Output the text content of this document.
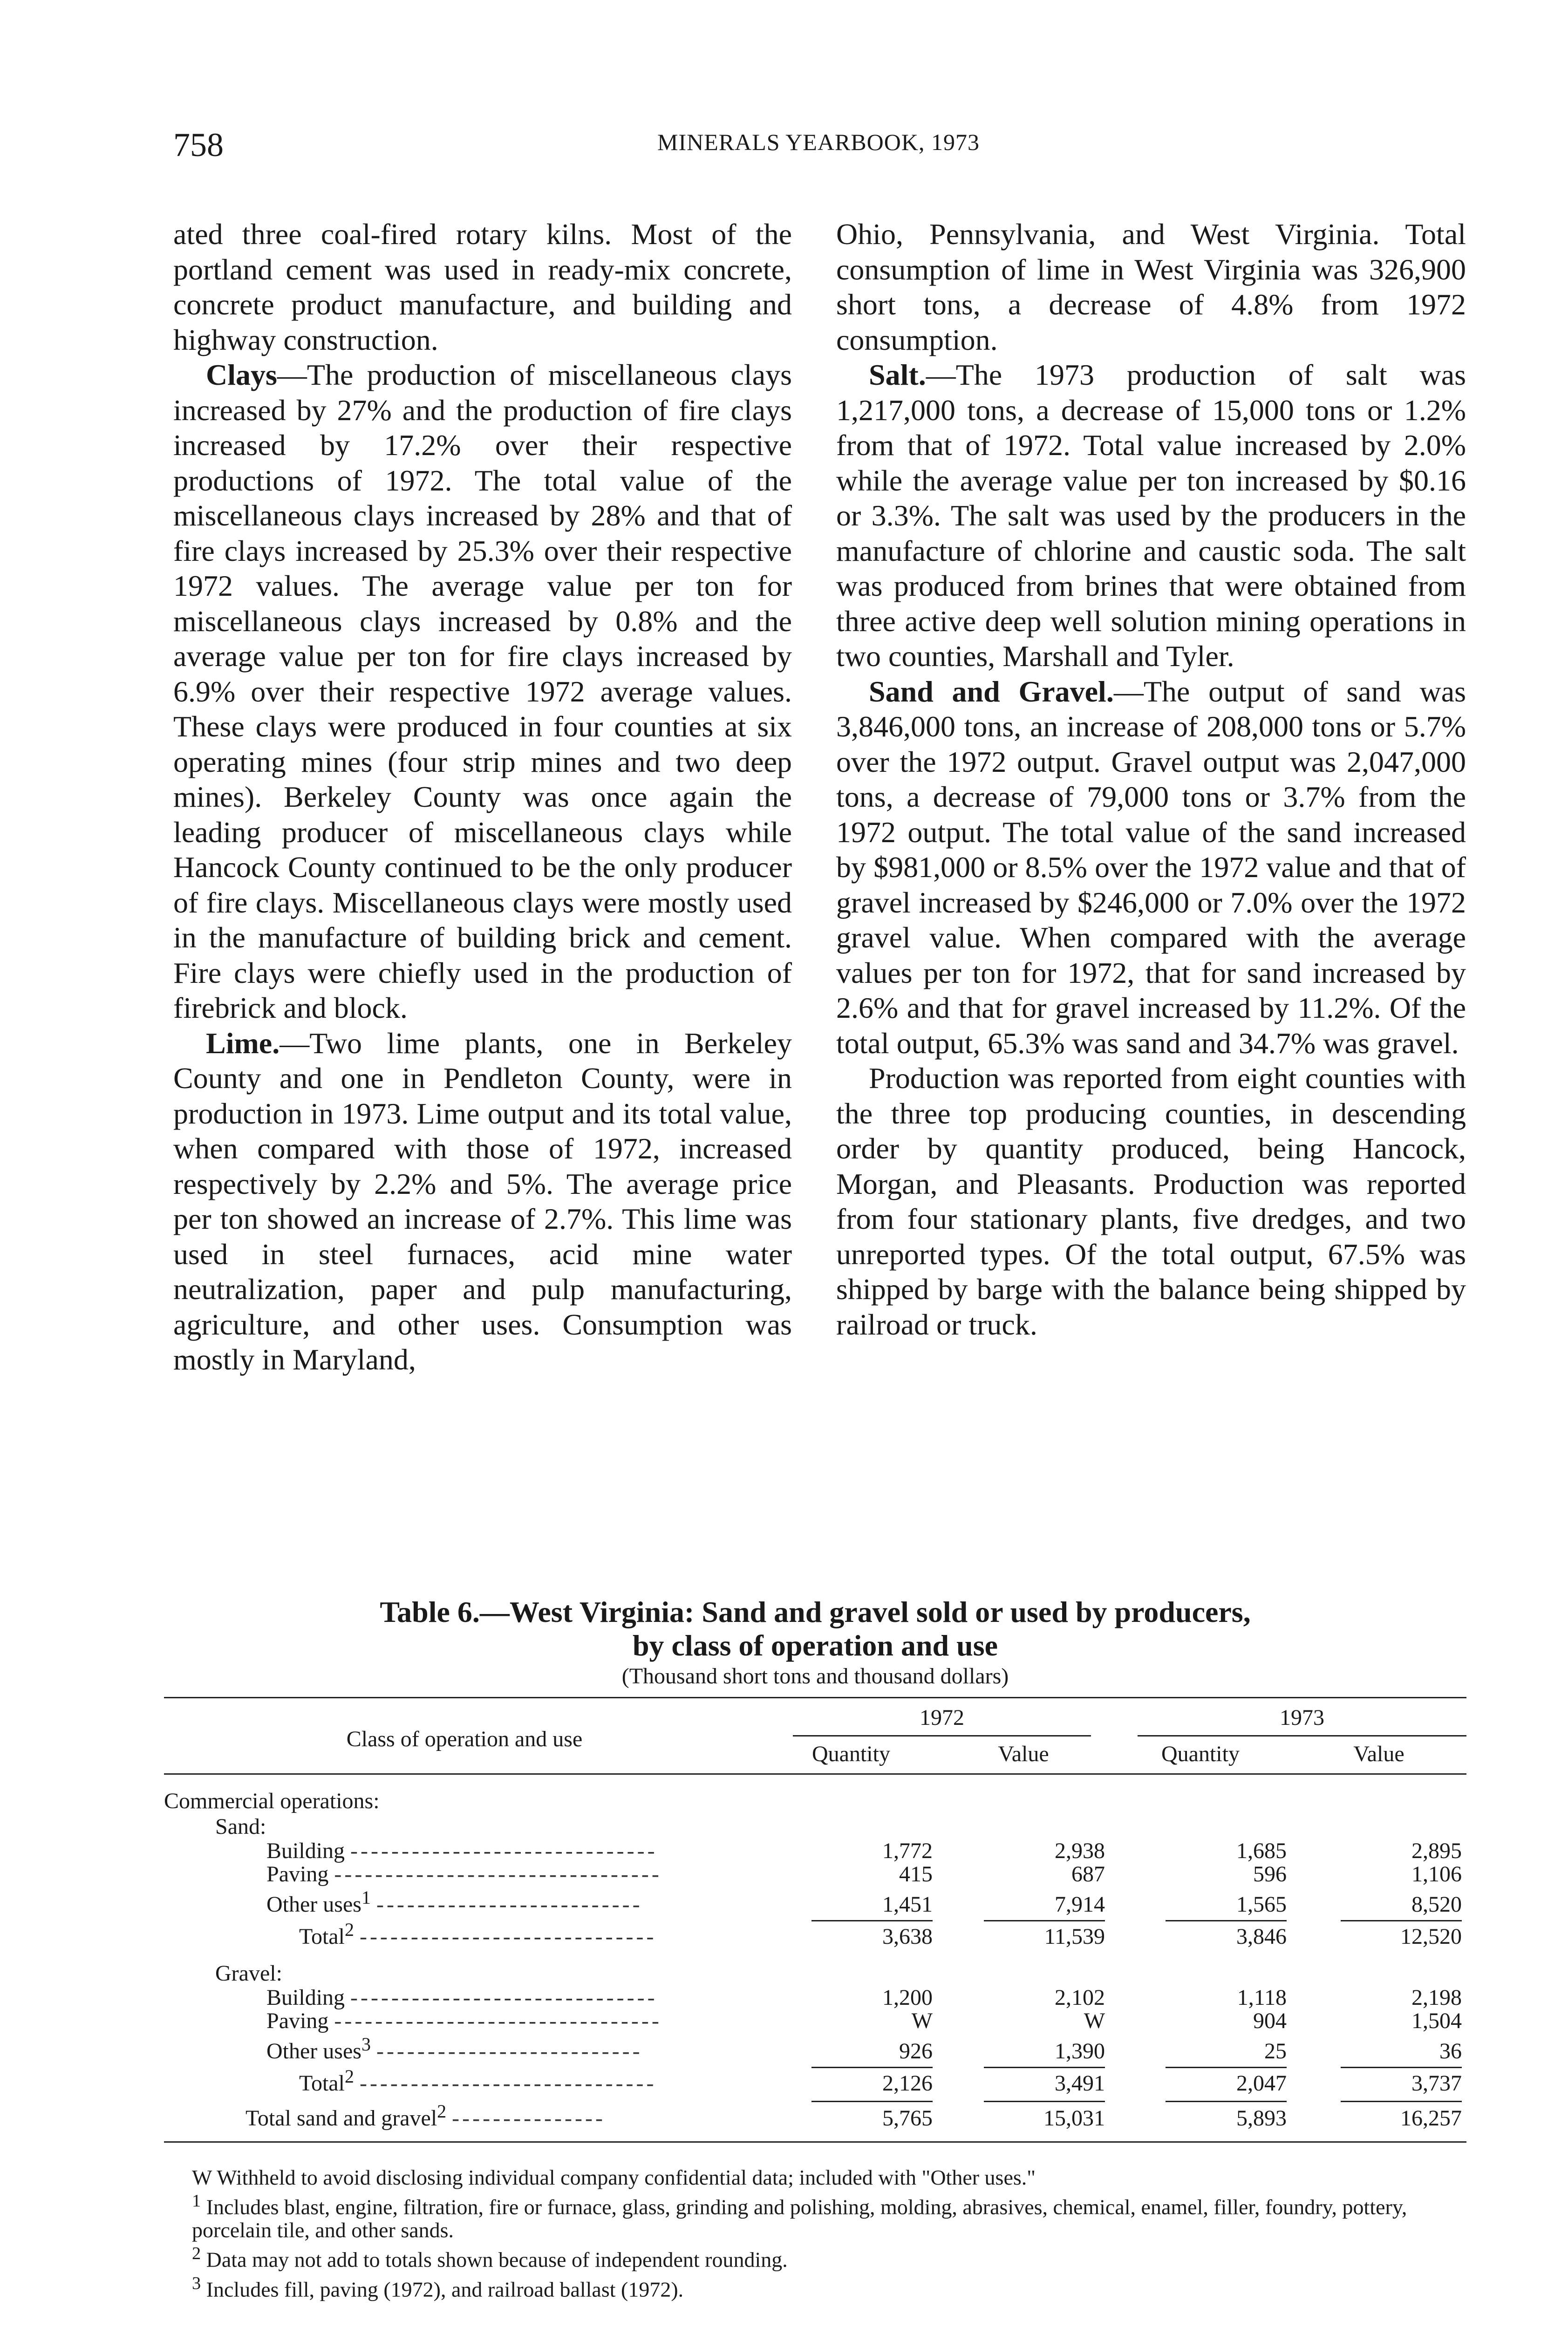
758	MINERALS YEARBOOK, 1973

ated three coal-fired rotary kilns. Most of the portland cement was used in ready-mix concrete, concrete product manufacture, and building and highway construction.

Clays—The production of miscellaneous clays increased by 27% and the production of fire clays increased by 17.2% over their respective productions of 1972. The total value of the miscellaneous clays increased by 28% and that of fire clays increased by 25.3% over their respective 1972 values. The average value per ton for miscellaneous clays increased by 0.8% and the average value per ton for fire clays increased by 6.9% over their respective 1972 average values. These clays were produced in four counties at six operating mines (four strip mines and two deep mines). Berkeley County was once again the leading producer of miscellaneous clays while Hancock County continued to be the only producer of fire clays. Miscellaneous clays were mostly used in the manufacture of building brick and cement. Fire clays were chiefly used in the production of firebrick and block.

Lime.—Two lime plants, one in Berkeley County and one in Pendleton County, were in production in 1973. Lime output and its total value, when compared with those of 1972, increased respectively by 2.2% and 5%. The average price per ton showed an increase of 2.7%. This lime was used in steel furnaces, acid mine water neutralization, paper and pulp manufacturing, agriculture, and other uses. Consumption was mostly in Maryland,

Ohio, Pennsylvania, and West Virginia. Total consumption of lime in West Virginia was 326,900 short tons, a decrease of 4.8% from 1972 consumption.

Salt.—The 1973 production of salt was 1,217,000 tons, a decrease of 15,000 tons or 1.2% from that of 1972. Total value increased by 2.0% while the average value per ton increased by $0.16 or 3.3%. The salt was used by the producers in the manufacture of chlorine and caustic soda. The salt was produced from brines that were obtained from three active deep well solution mining operations in two counties, Marshall and Tyler.

Sand and Gravel.—The output of sand was 3,846,000 tons, an increase of 208,000 tons or 5.7% over the 1972 output. Gravel output was 2,047,000 tons, a decrease of 79,000 tons or 3.7% from the 1972 output. The total value of the sand increased by $981,000 or 8.5% over the 1972 value and that of gravel increased by $246,000 or 7.0% over the 1972 gravel value. When compared with the average values per ton for 1972, that for sand increased by 2.6% and that for gravel increased by 11.2%. Of the total output, 65.3% was sand and 34.7% was gravel.

Production was reported from eight counties with the three top producing counties, in descending order by quantity produced, being Hancock, Morgan, and Pleasants. Production was reported from four stationary plants, five dredges, and two unreported types. Of the total output, 67.5% was shipped by barge with the balance being shipped by railroad or truck.

Table 6.—West Virginia: Sand and gravel sold or used by producers,
by class of operation and use
(Thousand short tons and thousand dollars)
Class of operation and use	1972		1973	

	Quantity	Value	Quantity	Value

Commercial operations:				
Sand:				
Building ------------------------------	1,772	2,938	1,685	2,895
Paving --------------------------------	415	687	596	1,106
Other uses$^1$ --------------------------	1,451	7,914	1,565	8,520
Total$^2$ -----------------------------	3,638	11,539	3,846	12,520
Gravel:				
Building ------------------------------	1,200	2,102	1,118	2,198
Paving --------------------------------	W	W	904	1,504
Other uses$^3$ --------------------------	926	1,390	25	36
Total$^2$ -----------------------------	2,126	3,491	2,047	3,737
Total sand and gravel$^2$ ---------------	5,765	15,031	5,893	16,257

W Withheld to avoid disclosing individual company confidential data; included with "Other uses."

$^1$ Includes blast, engine, filtration, fire or furnace, glass, grinding and polishing, molding, abrasives, chemical, enamel, filler, foundry, pottery, porcelain tile, and other sands.

$^2$ Data may not add to totals shown because of independent rounding.

$^3$ Includes fill, paving (1972), and railroad ballast (1972).
